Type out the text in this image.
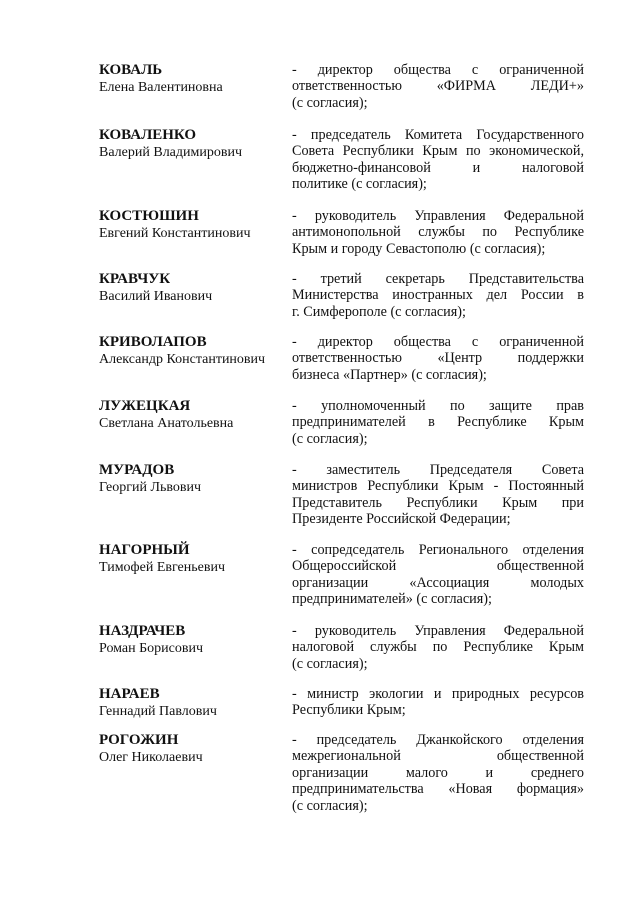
КОВАЛЬ
Елена Валентиновна
- директор общества с ограниченной
ответственностью «ФИРМА ЛЕДИ+»
(с согласия);
КОВАЛЕНКО
Валерий Владимирович
- председатель Комитета Государственного
Совета Республики Крым по экономической,
бюджетно-финансовой и налоговой
политике (с согласия);
КОСТЮШИН
Евгений Константинович
- руководитель Управления Федеральной
антимонопольной службы по Республике
Крым и городу Севастополю (с согласия);
КРАВЧУК
Василий Иванович
- третий секретарь Представительства
Министерства иностранных дел России в
г. Симферополе (с согласия);
КРИВОЛАПОВ
Александр Константинович
- директор общества с ограниченной
ответственностью «Центр поддержки
бизнеса «Партнер» (с согласия);
ЛУЖЕЦКАЯ
Светлана Анатольевна
- уполномоченный по защите прав
предпринимателей в Республике Крым
(с согласия);
МУРАДОВ
Георгий Львович
- заместитель Председателя Совета
министров Республики Крым - Постоянный
Представитель Республики Крым при
Президенте Российской Федерации;
НАГОРНЫЙ
Тимофей Евгеньевич
- сопредседатель Регионального отделения
Общероссийской общественной
организации «Ассоциация молодых
предпринимателей» (с согласия);
НАЗДРАЧЕВ
Роман Борисович
- руководитель Управления Федеральной
налоговой службы по Республике Крым
(с согласия);
НАРАЕВ
Геннадий Павлович
- министр экологии и природных ресурсов
Республики Крым;
РОГОЖИН
Олег Николаевич
- председатель Джанкойского отделения
межрегиональной общественной
организации малого и среднего
предпринимательства «Новая формация»
(с согласия);
